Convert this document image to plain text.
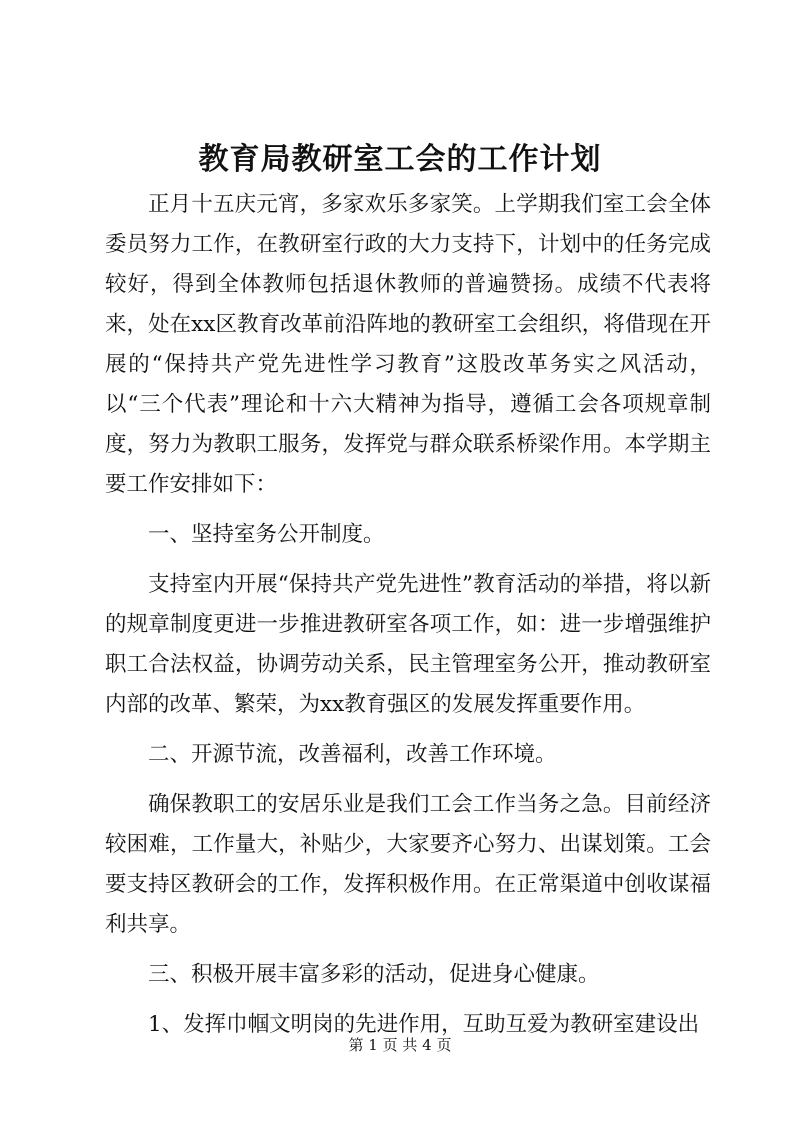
教育局教研室工会的工作计划

正月十五庆元宵，多家欢乐多家笑。上学期我们室工会全体委员努力工作，在教研室行政的大力支持下，计划中的任务完成较好，得到全体教师包括退休教师的普遍赞扬。成绩不代表将来，处在xx区教育改革前沿阵地的教研室工会组织，将借现在开展的“保持共产党先进性学习教育”这股改革务实之风活动，以“三个代表”理论和十六大精神为指导，遵循工会各项规章制度，努力为教职工服务，发挥党与群众联系桥梁作用。本学期主要工作安排如下：

一、坚持室务公开制度。

支持室内开展“保持共产党先进性”教育活动的举措，将以新的规章制度更进一步推进教研室各项工作，如：进一步增强维护职工合法权益，协调劳动关系，民主管理室务公开，推动教研室内部的改革、繁荣，为xx教育强区的发展发挥重要作用。

二、开源节流，改善福利，改善工作环境。

确保教职工的安居乐业是我们工会工作当务之急。目前经济较困难，工作量大，补贴少，大家要齐心努力、出谋划策。工会要支持区教研会的工作，发挥积极作用。在正常渠道中创收谋福利共享。

三、积极开展丰富多彩的活动，促进身心健康。

1、发挥巾帼文明岗的先进作用，互助互爱为教研室建设出

第 1 页 共 4 页
